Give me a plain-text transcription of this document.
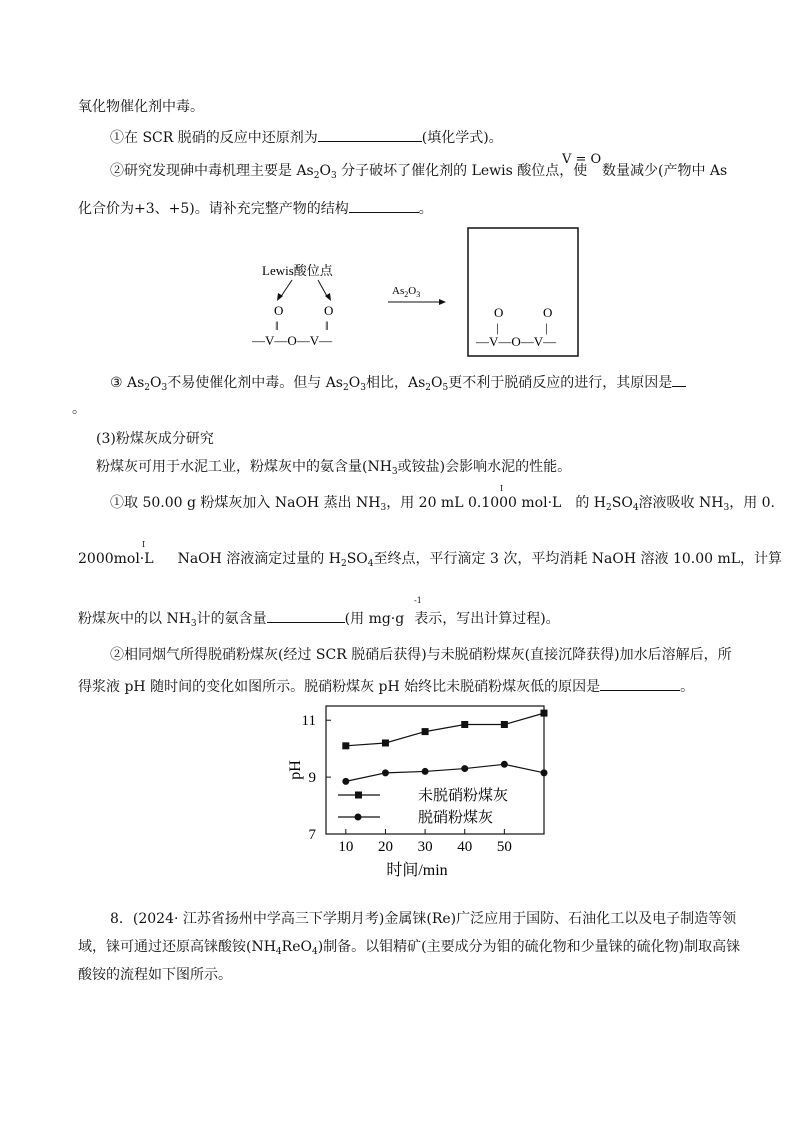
氧化物催化剂中毒。
①在 SCR 脱硝的反应中还原剂为	(填化学式)。
②研究发现砷中毒机理主要是 $As_2O_3$ 分子破坏了催化剂的 Lewis 酸位点，使
V = O
数量减少(产物中 As
化合价为+3、+5)。请补充完整产物的结构	。
Lewis酸位点
O	O
‖	‖
—V—O—V—
$As_2O_3$
O	O
|	|
—V—O—V—
③ $As_2O_3$不易使催化剂中毒。但与 $As_2O_3$相比，$As_2O_5$更不利于脱硝反应的进行，其原因是
。
(3)粉煤灰成分研究
粉煤灰可用于水泥工业，粉煤灰中的氨含量($NH_3$或铵盐)会影响水泥的性能。
①取 50.00 g 粉煤灰加入 NaOH 蒸出 $NH_3$，用 20 mL 0.1000 mol·L 的 $H_2SO_4$溶液吸收 $NH_3$，用 0.
I
2000mol·L NaOH 溶液滴定过量的 $H_2SO_4$至终点，平行滴定 3 次，平均消耗 NaOH 溶液 10.00 mL，计算
I
粉煤灰中的以 $NH_3$计的氨含量	(用 mg·g 表示，写出计算过程)。
-1
②相同烟气所得脱硝粉煤灰(经过 SCR 脱硝后获得)与未脱硝粉煤灰(直接沉降获得)加水后溶解后，所
得浆液 pH 随时间的变化如图所示。脱硝粉煤灰 pH 始终比未脱硝粉煤灰低的原因是	。
7
9
11
10 20 30 40 50
时间/min
pH
未脱硝粉煤灰
脱硝粉煤灰
8．(2024· 江苏省扬州中学高三下学期月考)金属铼(Re)广泛应用于国防、石油化工以及电子制造等领
域，铼可通过还原高铼酸铵$(NH_4ReO_4)$制备。以钼精矿(主要成分为钼的硫化物和少量铼的硫化物)制取高铼
酸铵的流程如下图所示。
